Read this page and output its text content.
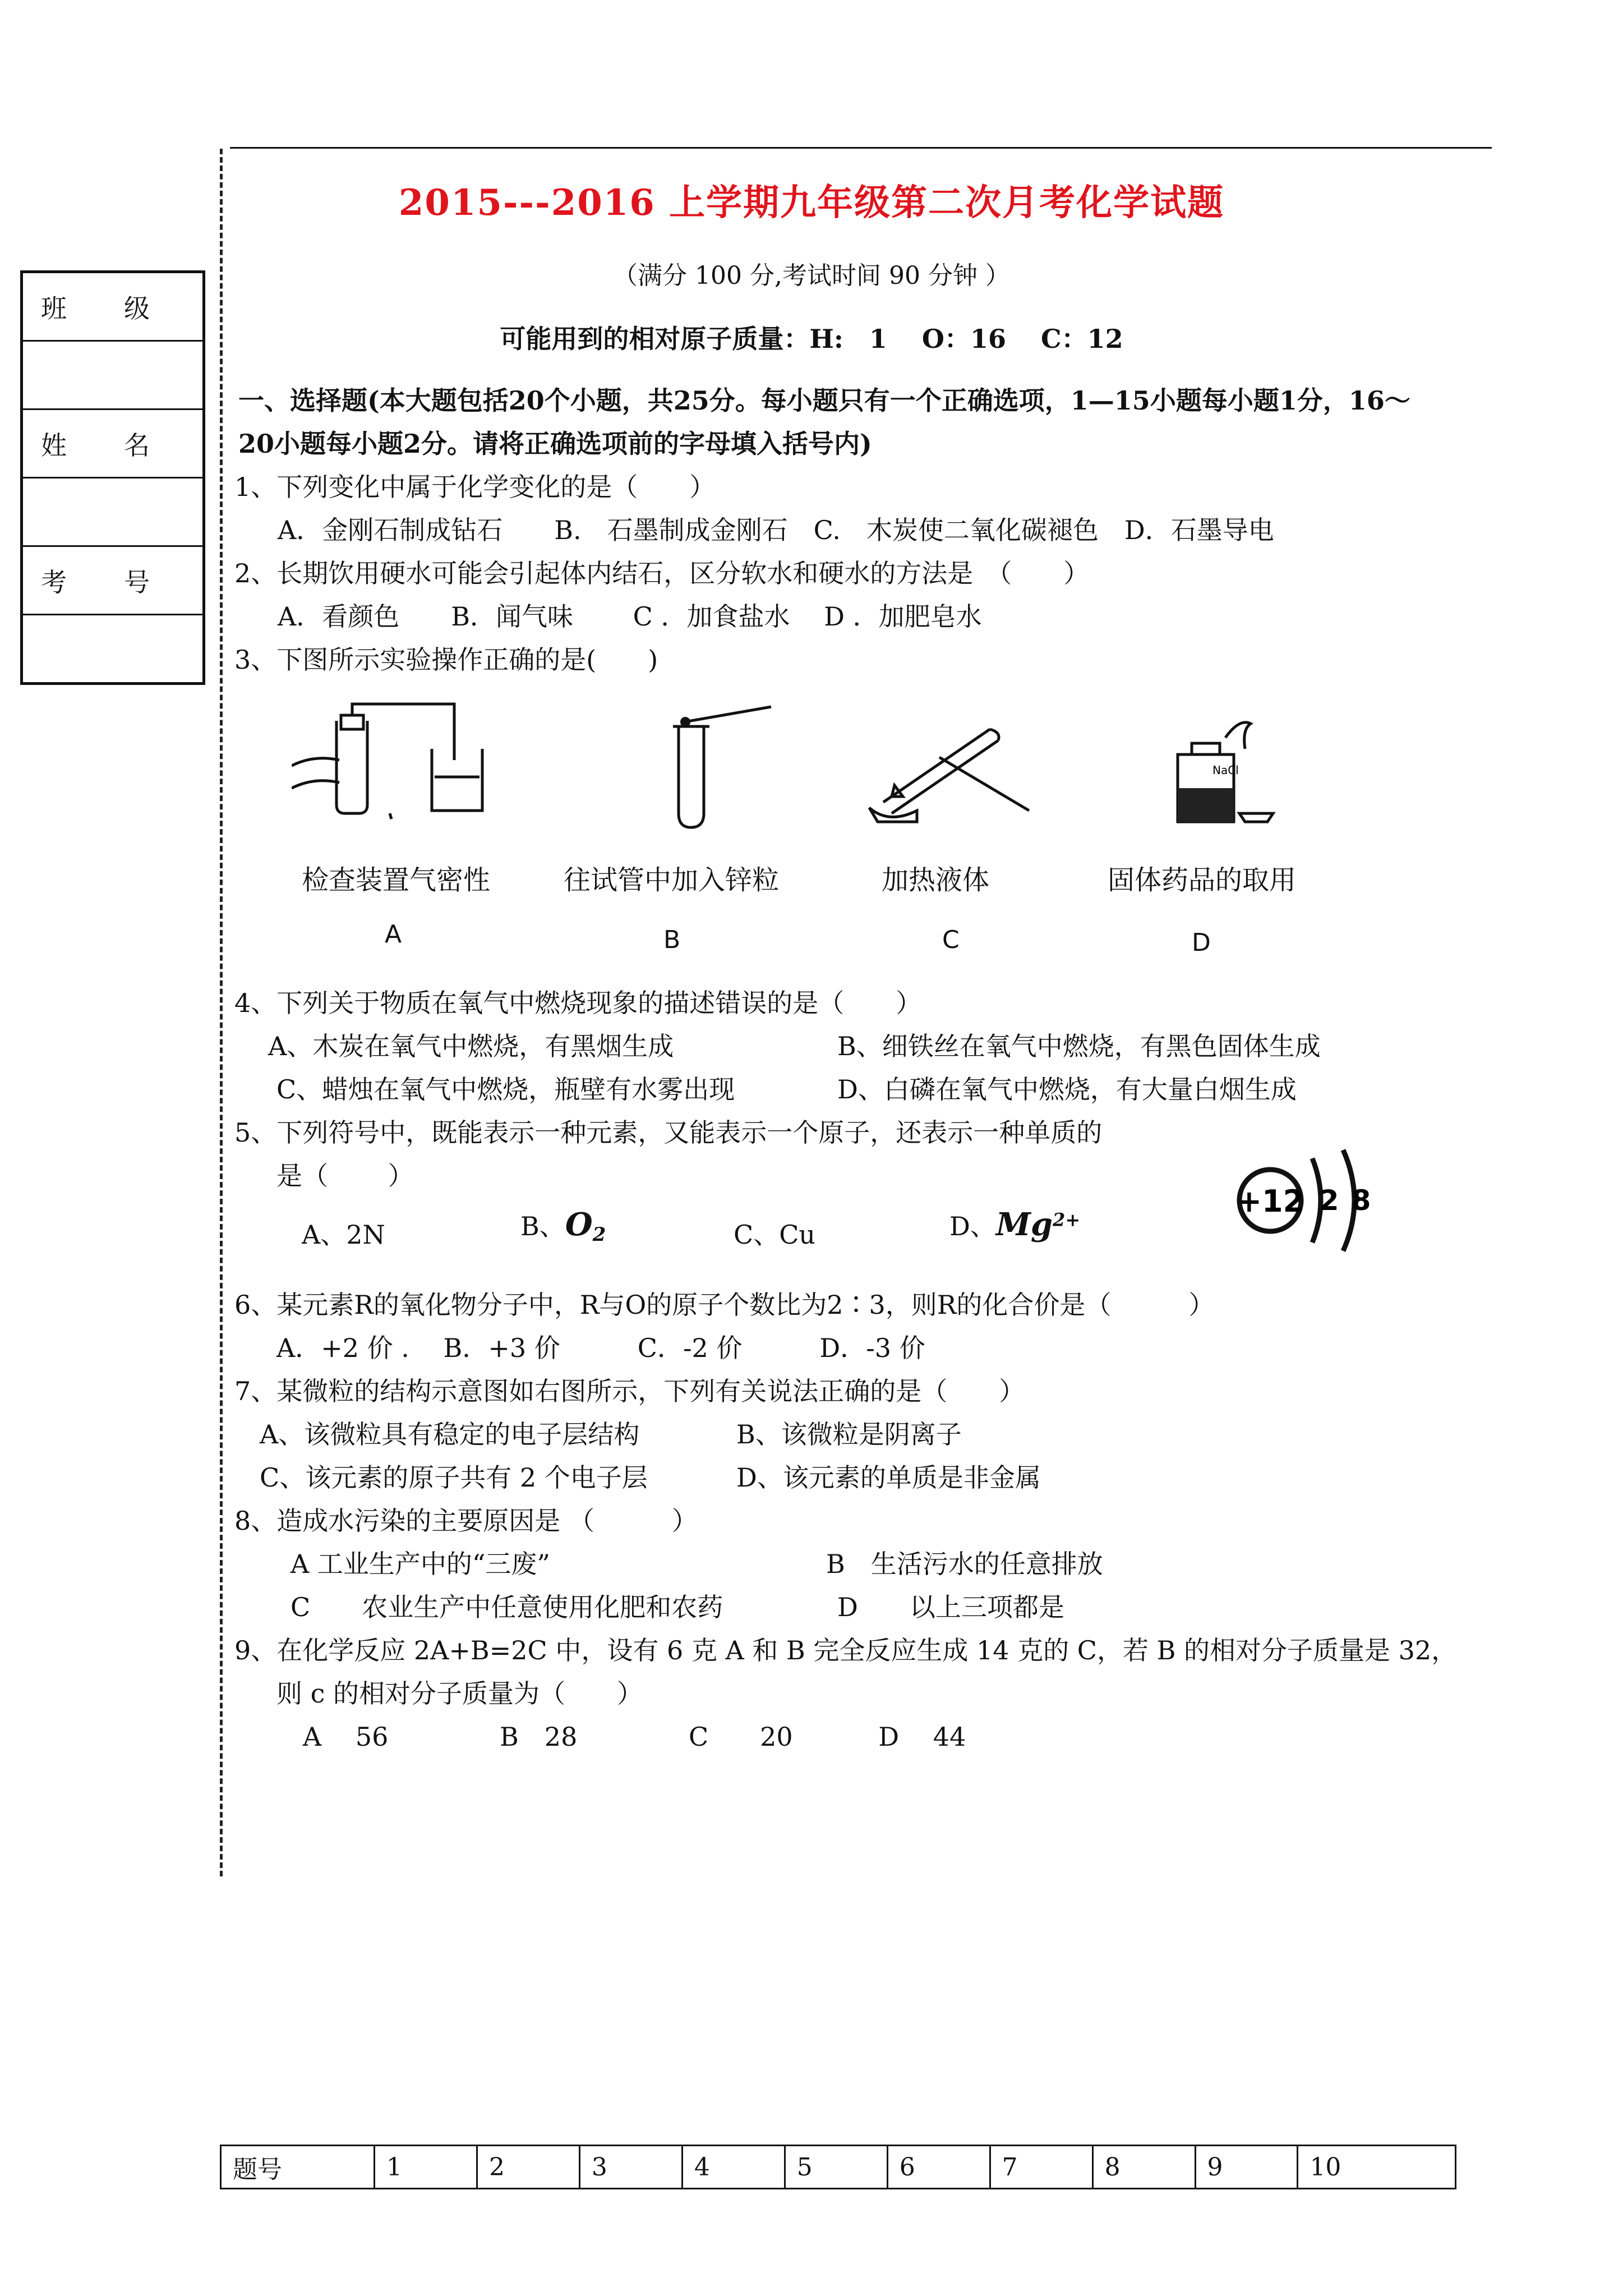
2015---2016 上学期九年级第二次月考化学试题
（满分 100 分,考试时间 90 分钟 ）
可能用到的相对原子质量：H:　1　 O：16 　C：12
班　级

姓　名

考　号

一、选择题(本大题包括20个小题，共25分。每小题只有一个正确选项，1—15小题每小题1分，16～
20小题每小题2分。请将正确选项前的字母填入括号内)
1、下列变化中属于化学变化的是（　　）
A．金刚石制成钻石　　B.　石墨制成金刚石　C.　木炭使二氧化碳褪色　D．石墨导电
2、长期饮用硬水可能会引起体内结石，区分软水和硬水的方法是　（　　）
A．看颜色　　B．闻气味　　 C ．加食盐水　 D ．加肥皂水
3、下图所示实验操作正确的是(　　)
NaCl
检查装置气密性	往试管中加入锌粒	加热液体	固体药品的取用
A	B	C	D
4、下列关于物质在氧气中燃烧现象的描述错误的是（　　）
A、木炭在氧气中燃烧，有黑烟生成	B、细铁丝在氧气中燃烧，有黑色固体生成
C、蜡烛在氧气中燃烧，瓶壁有水雾出现	D、白磷在氧气中燃烧，有大量白烟生成
5、下列符号中，既能表示一种元素，又能表示一个原子，还表示一种单质的
是（　　 ）
A、2N	B、$O_2$	C、Cu	D、$Mg^{2+}$
+12 2 8
6、某元素R的氧化物分子中，R与O的原子个数比为2∶3，则R的化合价是（　　　）
A．+2 价 .　 B．+3 价　　　C．-2 价　　　D．-3 价
7、某微粒的结构示意图如右图所示，下列有关说法正确的是（　　）
A、该微粒具有稳定的电子层结构	B、该微粒是阴离子
C、该元素的原子共有 2 个电子层	D、该元素的单质是非金属
8、造成水污染的主要原因是 （　　　）
A 工业生产中的“三废”	B　生活污水的任意排放
C　　农业生产中任意使用化肥和农药	D　　以上三项都是
9、在化学反应 2A+B=2C 中，设有 6 克 A 和 B 完全反应生成 14 克的 C，若 B 的相对分子质量是 32，
则 c 的相对分子质量为（　　）
A　 56　　　　 B　28　　　　 C　　20　　　 D　 44
题号	1	2	3	4	5	6	7	8	9	10
